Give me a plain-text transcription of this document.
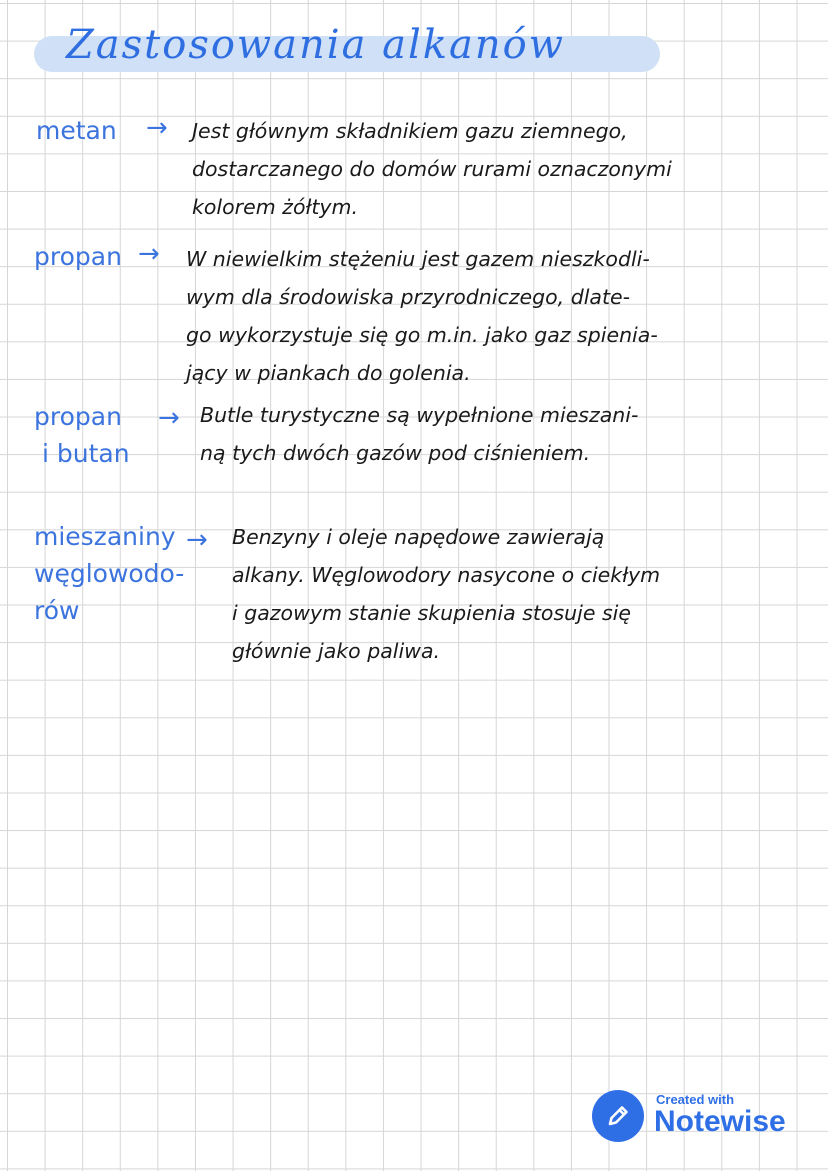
Zastosowania alkanów
metan → Jest głównym składnikiem gazu ziemnego,
dostarczanego do domów rurami oznaczonymi
kolorem żółtym.
propan → W niewielkim stężeniu jest gazem nieszkodli-
wym dla środowiska przyrodniczego, dlate-
go wykorzystuje się go m.in. jako gaz spienia-
jący w piankach do golenia.
propan
i butan
→ Butle turystyczne są wypełnione mieszani-
ną tych dwóch gazów pod ciśnieniem.
mieszaniny
węglowodo-
rów
→ Benzyny i oleje napędowe zawierają
alkany. Węglowodory nasycone o ciekłym
i gazowym stanie skupienia stosuje się
głównie jako paliwa.
Created with
Notewise
